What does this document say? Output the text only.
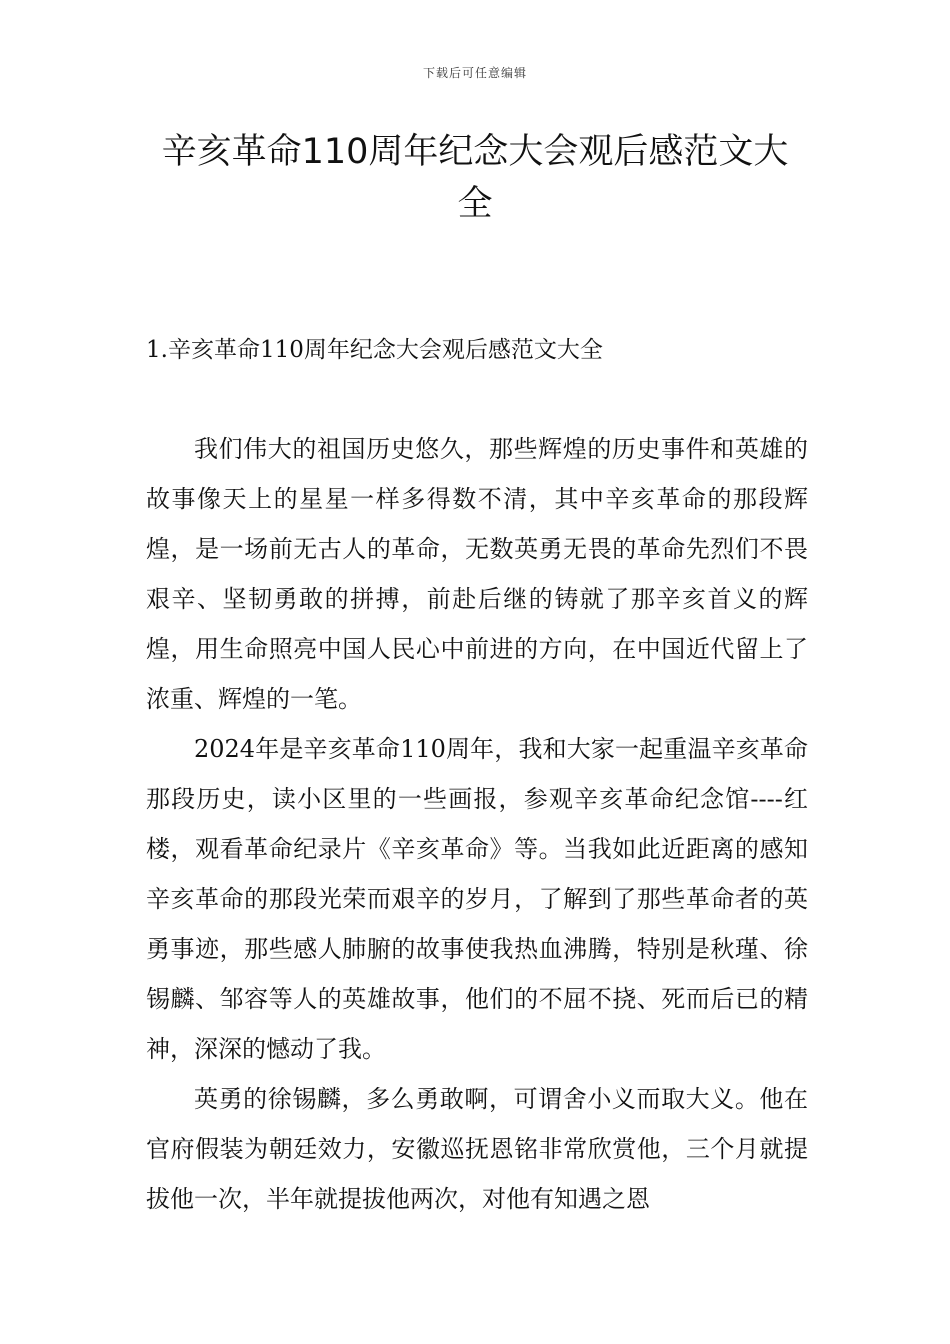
下载后可任意编辑
辛亥革命110周年纪念大会观后感范文大全
1.辛亥革命110周年纪念大会观后感范文大全

我们伟大的祖国历史悠久，那些辉煌的历史事件和英雄的故事像天上的星星一样多得数不清，其中辛亥革命的那段辉煌，是一场前无古人的革命，无数英勇无畏的革命先烈们不畏艰辛、坚韧勇敢的拼搏，前赴后继的铸就了那辛亥首义的辉煌，用生命照亮中国人民心中前进的方向，在中国近代留上了浓重、辉煌的一笔。

2024年是辛亥革命110周年，我和大家一起重温辛亥革命那段历史，读小区里的一些画报，参观辛亥革命纪念馆----红楼，观看革命纪录片《辛亥革命》等。当我如此近距离的感知辛亥革命的那段光荣而艰辛的岁月，了解到了那些革命者的英勇事迹，那些感人肺腑的故事使我热血沸腾，特别是秋瑾、徐锡麟、邹容等人的英雄故事，他们的不屈不挠、死而后已的精神，深深的憾动了我。

英勇的徐锡麟，多么勇敢啊，可谓舍小义而取大义。他在官府假装为朝廷效力，安徽巡抚恩铭非常欣赏他，三个月就提拔他一次，半年就提拔他两次，对他有知遇之恩
